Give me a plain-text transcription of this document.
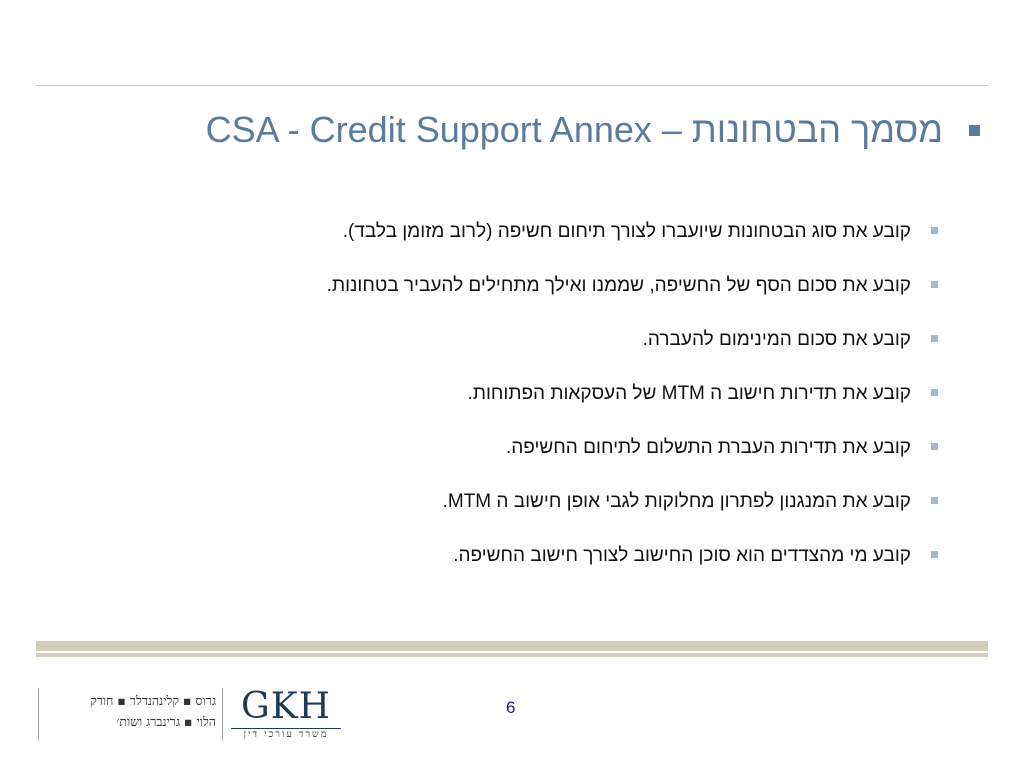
CSA - Credit Support Annex – מסמך הבטחונות
קובע את סוג הבטחונות שיועברו לצורך תיחום חשיפה (לרוב מזומן בלבד).
קובע את סכום הסף של החשיפה, שממנו ואילך מתחילים להעביר בטחונות.
קובע את סכום המינימום להעברה.
קובע את תדירות חישוב ה MTM של העסקאות הפתוחות.
קובע את תדירות העברת התשלום לתיחום החשיפה.
קובע את המנגנון לפתרון מחלוקות לגבי אופן חישוב ה MTM.
קובע מי מהצדדים הוא סוכן החישוב לצורך חישוב החשיפה.
גרוס ▪ קלינהנדלר ▪ חודק
הלוי ▪ גרינברג ושות׳ GKH
משרד עורכי דין
6
